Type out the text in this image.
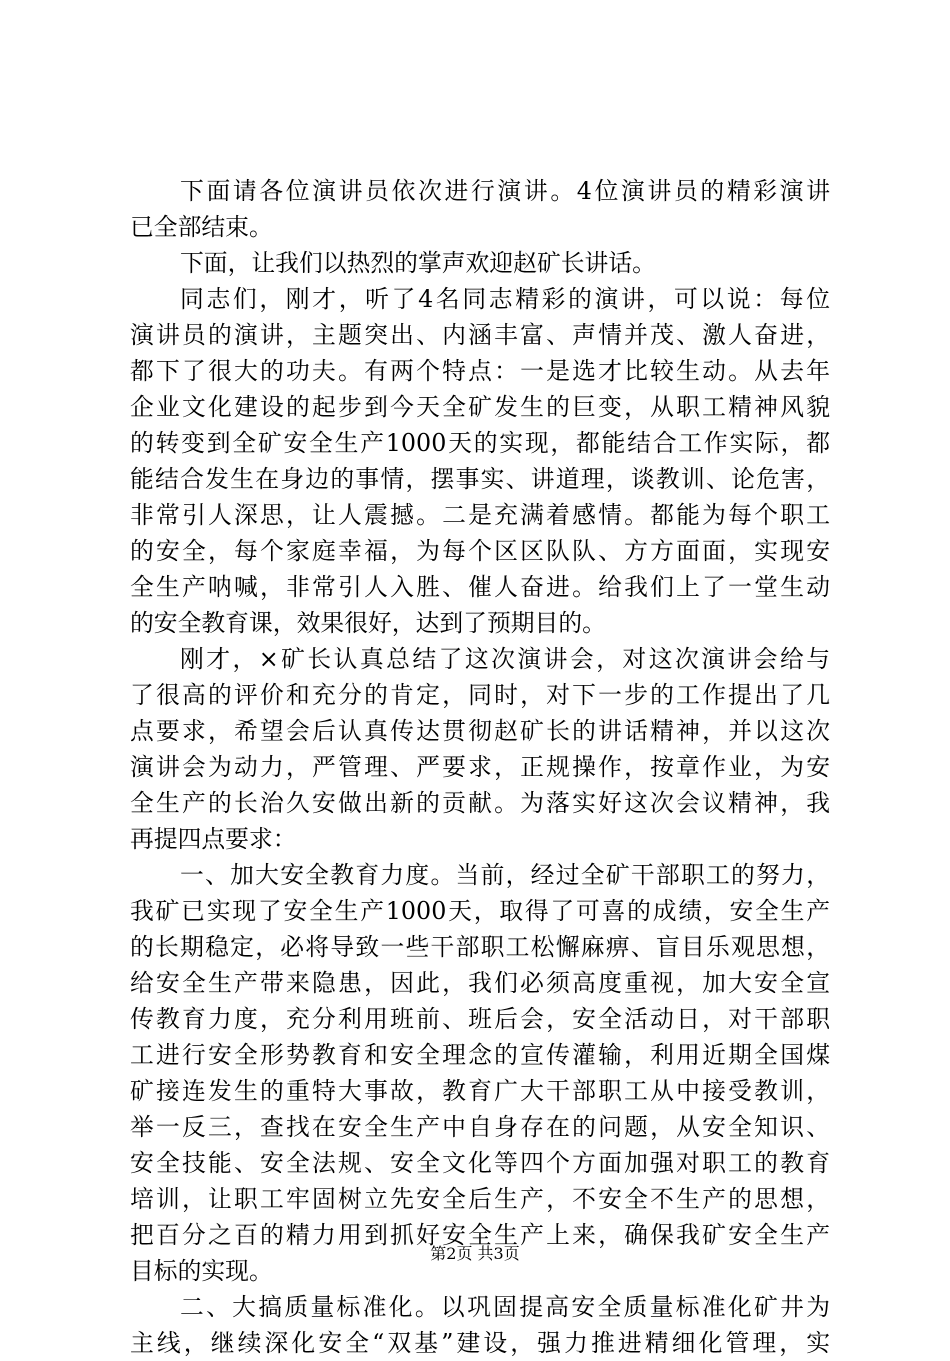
下面请各位演讲员依次进行演讲。4位演讲员的精彩演讲
已全部结束。
下面，让我们以热烈的掌声欢迎赵矿长讲话。
同志们，刚才，听了4名同志精彩的演讲，可以说：每位
演讲员的演讲，主题突出、内涵丰富、声情并茂、激人奋进，
都下了很大的功夫。有两个特点：一是选才比较生动。从去年
企业文化建设的起步到今天全矿发生的巨变，从职工精神风貌
的转变到全矿安全生产1000天的实现，都能结合工作实际，都
能结合发生在身边的事情，摆事实、讲道理，谈教训、论危害，
非常引人深思，让人震撼。二是充满着感情。都能为每个职工
的安全，每个家庭幸福，为每个区区队队、方方面面，实现安
全生产呐喊，非常引人入胜、催人奋进。给我们上了一堂生动
的安全教育课，效果很好，达到了预期目的。
刚才，×矿长认真总结了这次演讲会，对这次演讲会给与
了很高的评价和充分的肯定，同时，对下一步的工作提出了几
点要求，希望会后认真传达贯彻赵矿长的讲话精神，并以这次
演讲会为动力，严管理、严要求，正规操作，按章作业，为安
全生产的长治久安做出新的贡献。为落实好这次会议精神，我
再提四点要求：
一、加大安全教育力度。当前，经过全矿干部职工的努力，
我矿已实现了安全生产1000天，取得了可喜的成绩，安全生产
的长期稳定，必将导致一些干部职工松懈麻痹、盲目乐观思想，
给安全生产带来隐患，因此，我们必须高度重视，加大安全宣
传教育力度，充分利用班前、班后会，安全活动日，对干部职
工进行安全形势教育和安全理念的宣传灌输，利用近期全国煤
矿接连发生的重特大事故，教育广大干部职工从中接受教训，
举一反三，查找在安全生产中自身存在的问题，从安全知识、
安全技能、安全法规、安全文化等四个方面加强对职工的教育
培训，让职工牢固树立先安全后生产，不安全不生产的思想，
把百分之百的精力用到抓好安全生产上来，确保我矿安全生产
目标的实现。
二、大搞质量标准化。以巩固提高安全质量标准化矿井为
主线，继续深化安全“双基”建设，强力推进精细化管理，实
第2页 共3页
